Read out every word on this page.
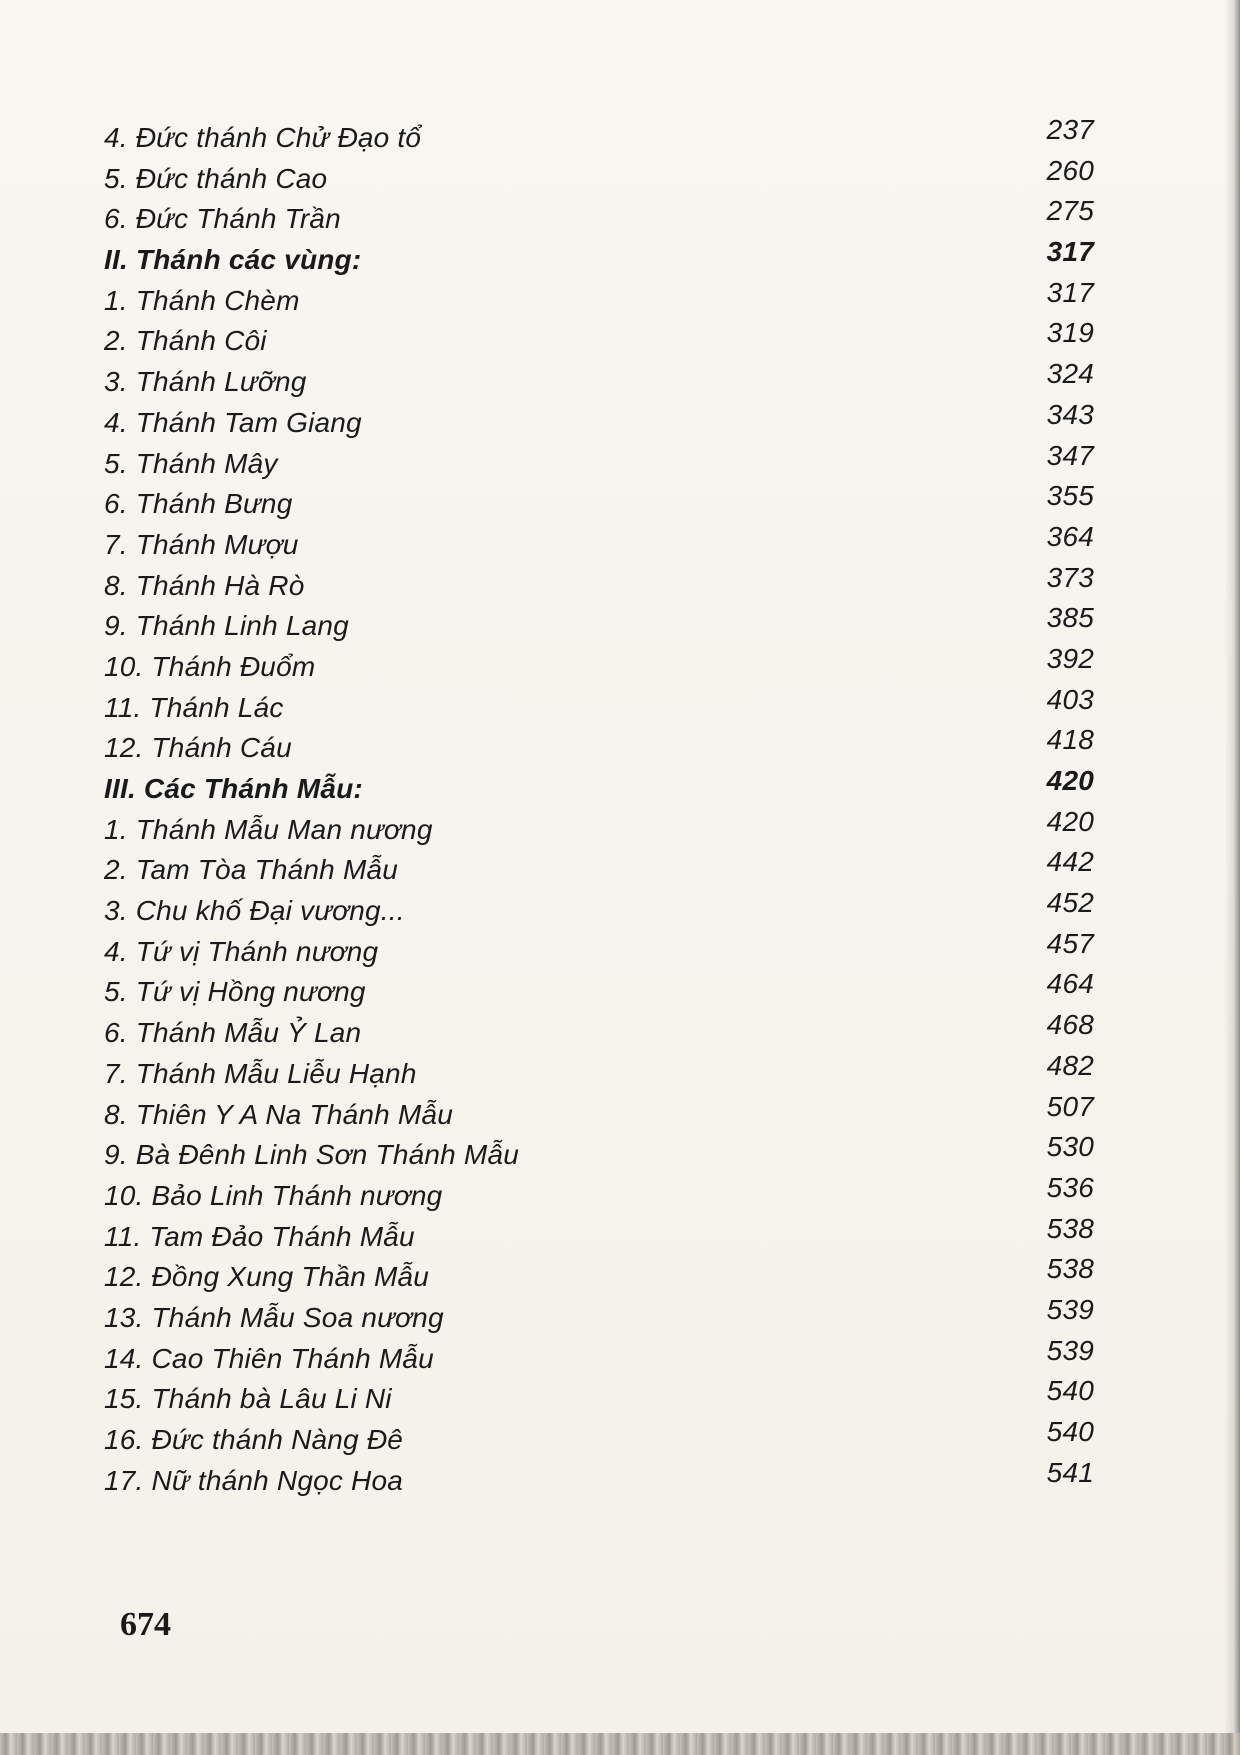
4. Đức thánh Chử Đạo tổ	237
5. Đức thánh Cao	260
6. Đức Thánh Trần	275
II. Thánh các vùng:	317
1. Thánh Chèm	317
2. Thánh Côi	319
3. Thánh Lưỡng	324
4. Thánh Tam Giang	343
5. Thánh Mây	347
6. Thánh Bưng	355
7. Thánh Mượu	364
8. Thánh Hà Rò	373
9. Thánh Linh Lang	385
10. Thánh Đuổm	392
11. Thánh Lác	403
12. Thánh Cáu	418
III. Các Thánh Mẫu:	420
1. Thánh Mẫu Man nương	420
2. Tam Tòa Thánh Mẫu	442
3. Chu khố Đại vương...	452
4. Tứ vị Thánh nương	457
5. Tứ vị Hồng nương	464
6. Thánh Mẫu Ỷ Lan	468
7. Thánh Mẫu Liễu Hạnh	482
8. Thiên Y A Na Thánh Mẫu	507
9. Bà Đênh Linh Sơn Thánh Mẫu	530
10. Bảo Linh Thánh nương	536
11. Tam Đảo Thánh Mẫu	538
12. Đồng Xung Thần Mẫu	538
13. Thánh Mẫu Soa nương	539
14. Cao Thiên Thánh Mẫu	539
15. Thánh bà Lâu Li Ni	540
16. Đức thánh Nàng Đê	540
17. Nữ thánh Ngọc Hoa	541
674
